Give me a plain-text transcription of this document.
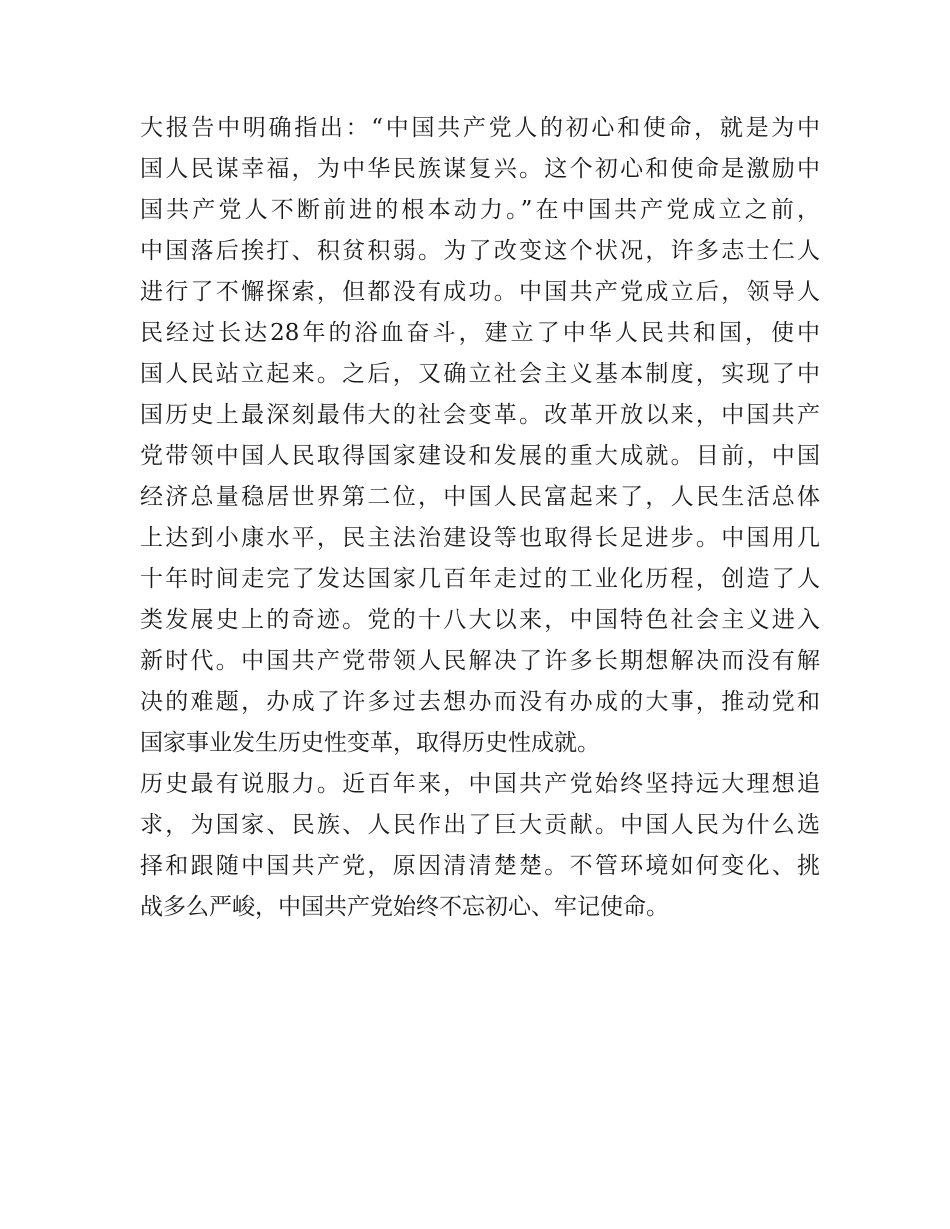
大报告中明确指出：“中国共产党人的初心和使命，就是为中
国人民谋幸福，为中华民族谋复兴。这个初心和使命是激励中
国共产党人不断前进的根本动力。”在中国共产党成立之前，
中国落后挨打、积贫积弱。为了改变这个状况，许多志士仁人
进行了不懈探索，但都没有成功。中国共产党成立后，领导人
民经过长达28年的浴血奋斗，建立了中华人民共和国，使中
国人民站立起来。之后，又确立社会主义基本制度，实现了中
国历史上最深刻最伟大的社会变革。改革开放以来，中国共产
党带领中国人民取得国家建设和发展的重大成就。目前，中国
经济总量稳居世界第二位，中国人民富起来了，人民生活总体
上达到小康水平，民主法治建设等也取得长足进步。中国用几
十年时间走完了发达国家几百年走过的工业化历程，创造了人
类发展史上的奇迹。党的十八大以来，中国特色社会主义进入
新时代。中国共产党带领人民解决了许多长期想解决而没有解
决的难题，办成了许多过去想办而没有办成的大事，推动党和
国家事业发生历史性变革，取得历史性成就。
历史最有说服力。近百年来，中国共产党始终坚持远大理想追
求，为国家、民族、人民作出了巨大贡献。中国人民为什么选
择和跟随中国共产党，原因清清楚楚。不管环境如何变化、挑
战多么严峻，中国共产党始终不忘初心、牢记使命。
